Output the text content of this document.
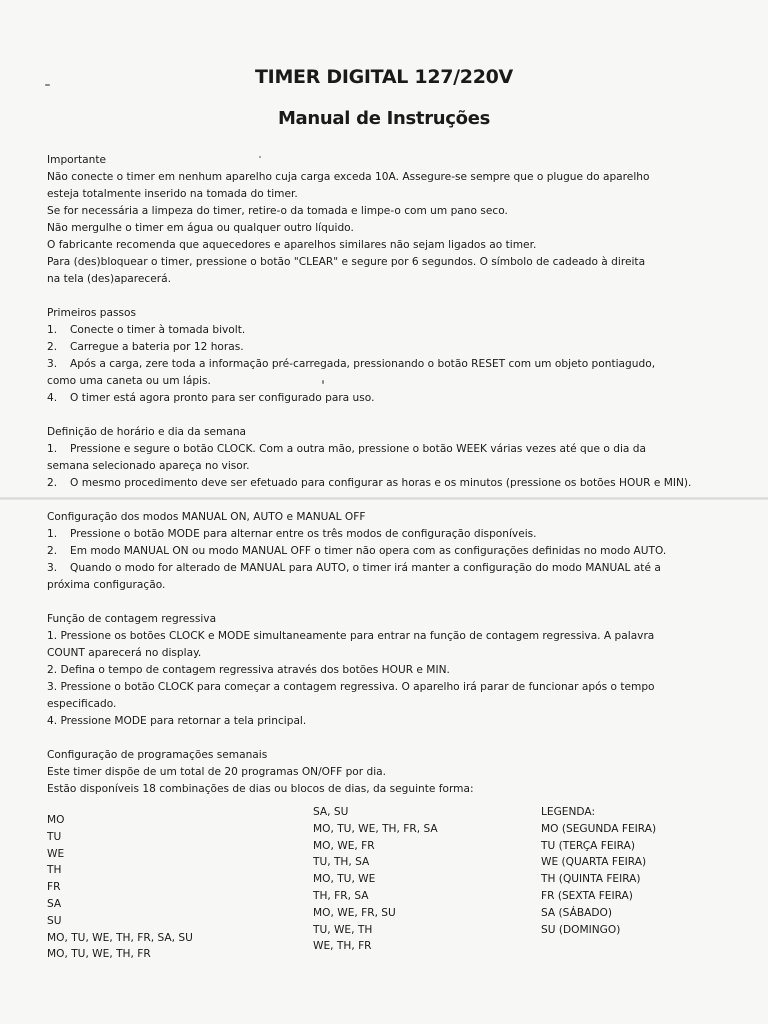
TIMER DIGITAL 127/220V
Manual de Instruções
Importante
Não conecte o timer em nenhum aparelho cuja carga exceda 10A. Assegure-se sempre que o plugue do aparelho
esteja totalmente inserido na tomada do timer.
Se for necessária a limpeza do timer, retire-o da tomada e limpe-o com um pano seco.
Não mergulhe o timer em água ou qualquer outro líquido.
O fabricante recomenda que aquecedores e aparelhos similares não sejam ligados ao timer.
Para (des)bloquear o timer, pressione o botão "CLEAR" e segure por 6 segundos. O símbolo de cadeado à direita
na tela (des)aparecerá.
Primeiros passos
1. Conecte o timer à tomada bivolt.
2. Carregue a bateria por 12 horas.
3. Após a carga, zere toda a informação pré-carregada, pressionando o botão RESET com um objeto pontiagudo,
como uma caneta ou um lápis.
4. O timer está agora pronto para ser configurado para uso.
Definição de horário e dia da semana
1. Pressione e segure o botão CLOCK. Com a outra mão, pressione o botão WEEK várias vezes até que o dia da
semana selecionado apareça no visor.
2. O mesmo procedimento deve ser efetuado para configurar as horas e os minutos (pressione os botões HOUR e MIN).
Configuração dos modos MANUAL ON, AUTO e MANUAL OFF
1. Pressione o botão MODE para alternar entre os três modos de configuração disponíveis.
2. Em modo MANUAL ON ou modo MANUAL OFF o timer não opera com as configurações definidas no modo AUTO.
3. Quando o modo for alterado de MANUAL para AUTO, o timer irá manter a configuração do modo MANUAL até a
próxima configuração.
Função de contagem regressiva
1. Pressione os botões CLOCK e MODE simultaneamente para entrar na função de contagem regressiva. A palavra
COUNT aparecerá no display.
2. Defina o tempo de contagem regressiva através dos botões HOUR e MIN.
3. Pressione o botão CLOCK para começar a contagem regressiva. O aparelho irá parar de funcionar após o tempo
especificado.
4. Pressione MODE para retornar a tela principal.
Configuração de programações semanais
Este timer dispõe de um total de 20 programas ON/OFF por dia.
Estão disponíveis 18 combinações de dias ou blocos de dias, da seguinte forma:
MO
TU
WE
TH
FR
SA
SU
MO, TU, WE, TH, FR, SA, SU
MO, TU, WE, TH, FR
SA, SU
MO, TU, WE, TH, FR, SA
MO, WE, FR
TU, TH, SA
MO, TU, WE
TH, FR, SA
MO, WE, FR, SU
TU, WE, TH
WE, TH, FR
LEGENDA:
MO (SEGUNDA FEIRA)
TU (TERÇA FEIRA)
WE (QUARTA FEIRA)
TH (QUINTA FEIRA)
FR (SEXTA FEIRA)
SA (SÁBADO)
SU (DOMINGO)
